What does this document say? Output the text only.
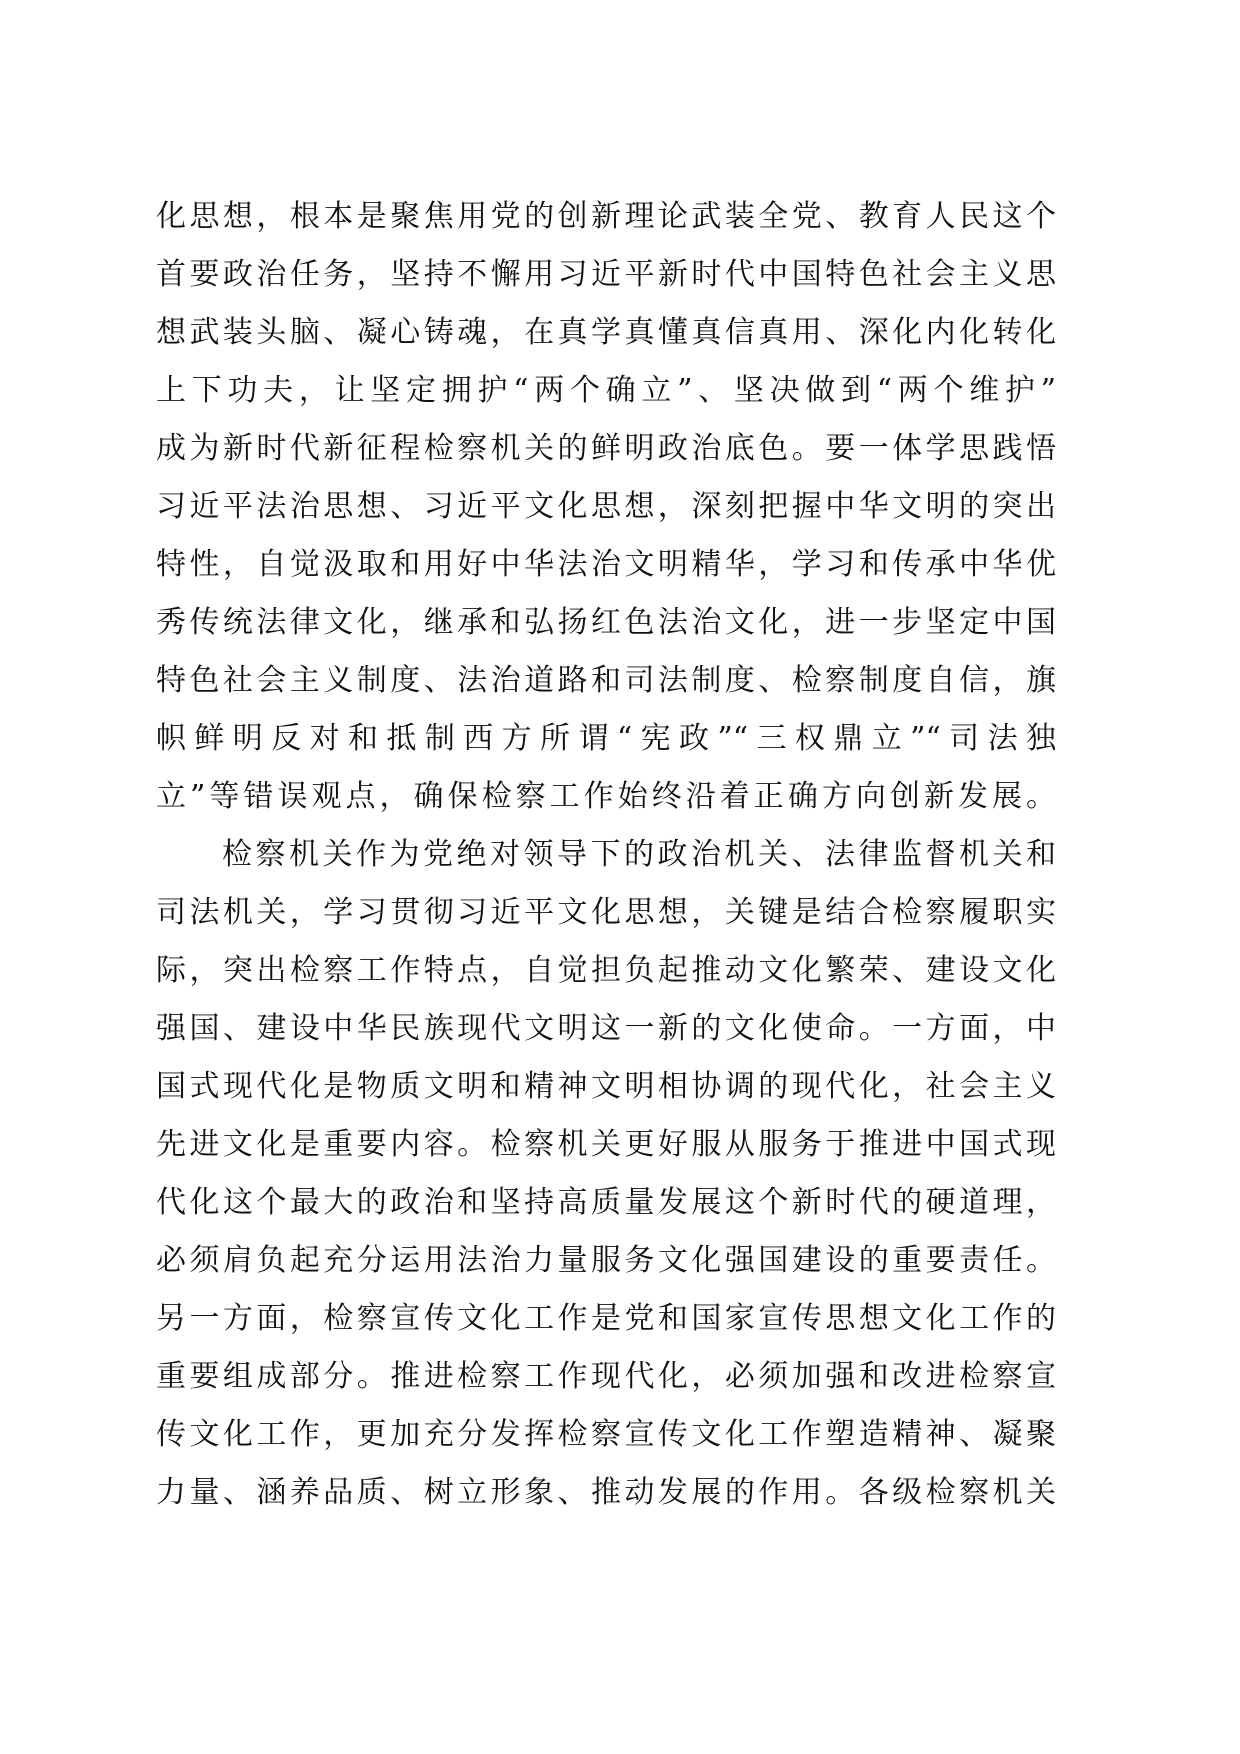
化思想，根本是聚焦用党的创新理论武装全党、教育人民这个
首要政治任务，坚持不懈用习近平新时代中国特色社会主义思
想武装头脑、凝心铸魂，在真学真懂真信真用、深化内化转化
上下功夫，让坚定拥护“两个确立”、坚决做到“两个维护”
成为新时代新征程检察机关的鲜明政治底色。要一体学思践悟
习近平法治思想、习近平文化思想，深刻把握中华文明的突出
特性，自觉汲取和用好中华法治文明精华，学习和传承中华优
秀传统法律文化，继承和弘扬红色法治文化，进一步坚定中国
特色社会主义制度、法治道路和司法制度、检察制度自信，旗
帜鲜明反对和抵制西方所谓“宪政”“三权鼎立”“司法独
立”等错误观点，确保检察工作始终沿着正确方向创新发展。
检察机关作为党绝对领导下的政治机关、法律监督机关和
司法机关，学习贯彻习近平文化思想，关键是结合检察履职实
际，突出检察工作特点，自觉担负起推动文化繁荣、建设文化
强国、建设中华民族现代文明这一新的文化使命。一方面，中
国式现代化是物质文明和精神文明相协调的现代化，社会主义
先进文化是重要内容。检察机关更好服从服务于推进中国式现
代化这个最大的政治和坚持高质量发展这个新时代的硬道理，
必须肩负起充分运用法治力量服务文化强国建设的重要责任。
另一方面，检察宣传文化工作是党和国家宣传思想文化工作的
重要组成部分。推进检察工作现代化，必须加强和改进检察宣
传文化工作，更加充分发挥检察宣传文化工作塑造精神、凝聚
力量、涵养品质、树立形象、推动发展的作用。各级检察机关
